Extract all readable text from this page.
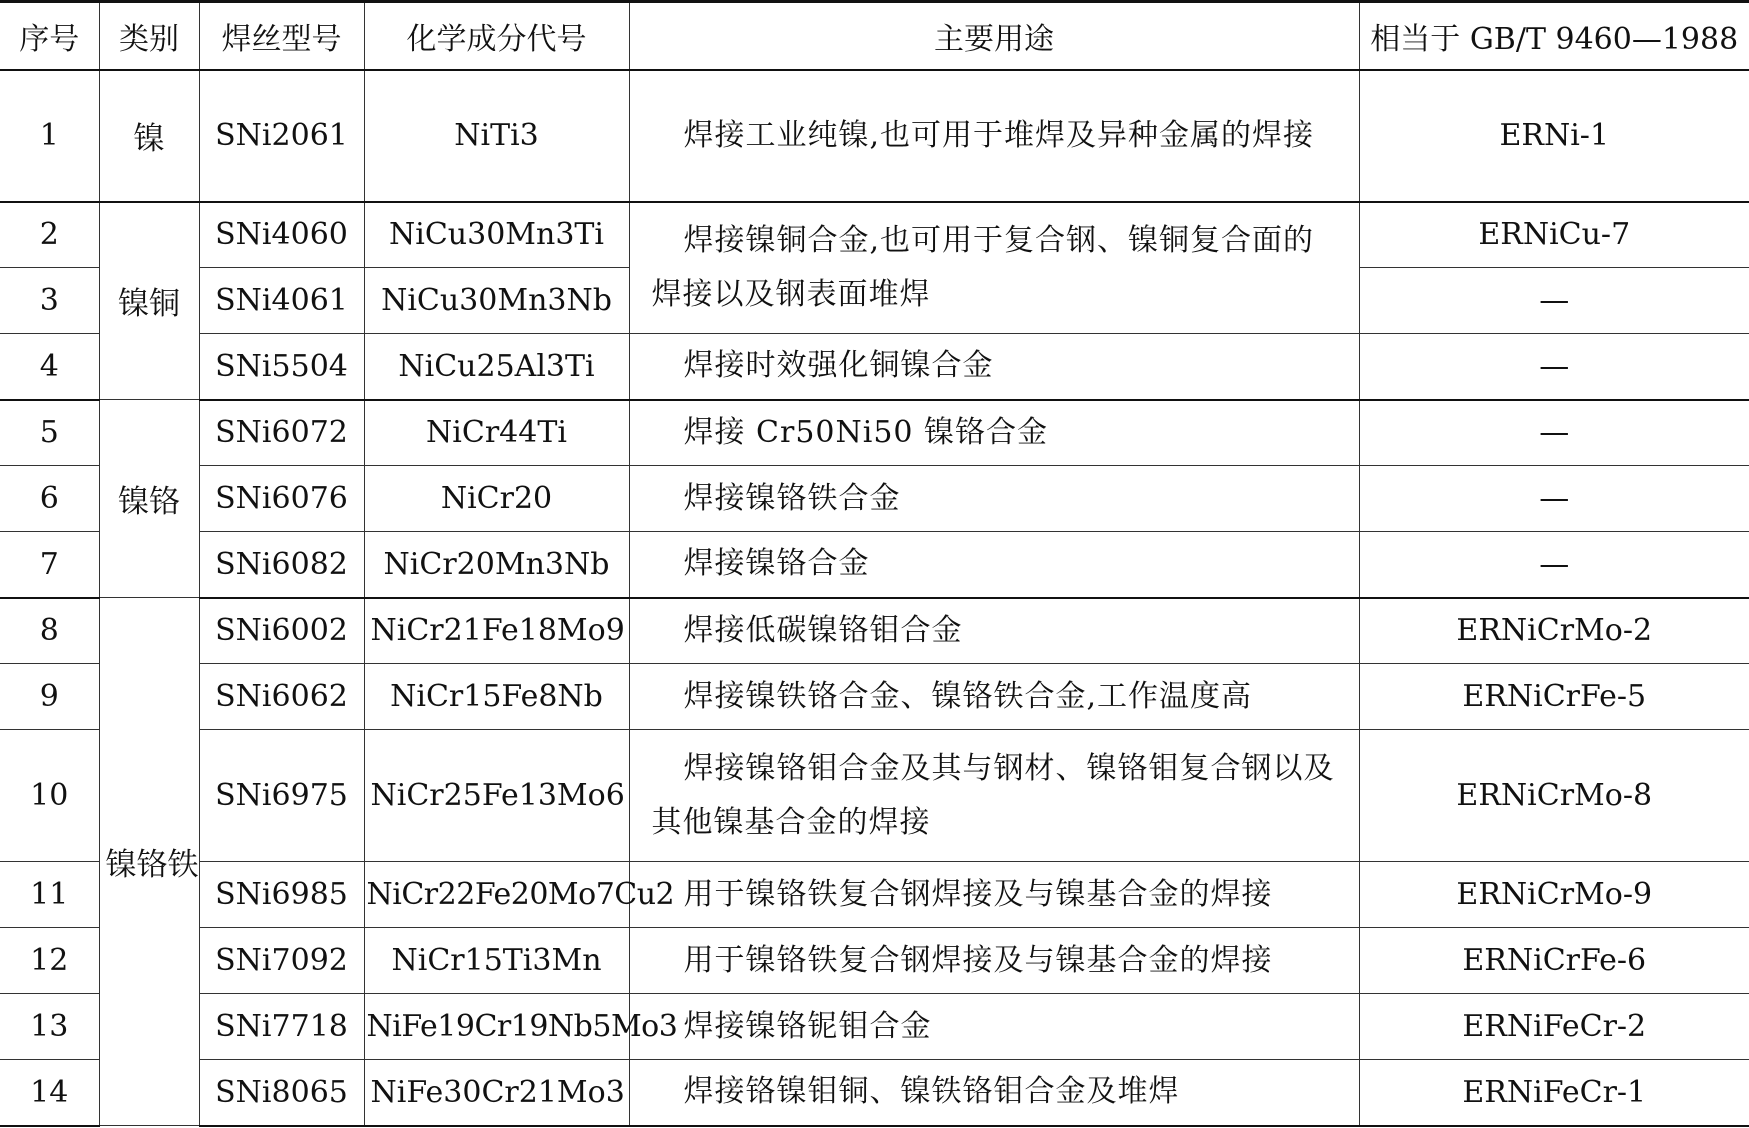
序号	类别	焊丝型号	化学成分代号	主要用途	相当于 GB/T 9460—1988
1	镍	SNi2061	NiTi3	焊接工业纯镍,也可用于堆焊及异种金属的焊接	ERNi-1
2	镍铜	SNi4060	NiCu30Mn3Ti	焊接镍铜合金,也可用于复合钢、镍铜复合面的焊接以及钢表面堆焊	ERNiCu-7
3		SNi4061	NiCu30Mn3Nb		—
4		SNi5504	NiCu25Al3Ti	焊接时效强化铜镍合金	—
5	镍铬	SNi6072	NiCr44Ti	焊接 Cr50Ni50 镍铬合金	—
6		SNi6076	NiCr20	焊接镍铬铁合金	—
7		SNi6082	NiCr20Mn3Nb	焊接镍铬合金	—
8	镍铬铁	SNi6002	NiCr21Fe18Mo9	焊接低碳镍铬钼合金	ERNiCrMo-2
9		SNi6062	NiCr15Fe8Nb	焊接镍铁铬合金、镍铬铁合金,工作温度高	ERNiCrFe-5
10		SNi6975	NiCr25Fe13Mo6	焊接镍铬钼合金及其与钢材、镍铬钼复合钢以及其他镍基合金的焊接	ERNiCrMo-8
11		SNi6985	NiCr22Fe20Mo7Cu2	用于镍铬铁复合钢焊接及与镍基合金的焊接	ERNiCrMo-9
12		SNi7092	NiCr15Ti3Mn	用于镍铬铁复合钢焊接及与镍基合金的焊接	ERNiCrFe-6
13		SNi7718	NiFe19Cr19Nb5Mo3	焊接镍铬铌钼合金	ERNiFeCr-2
14		SNi8065	NiFe30Cr21Mo3	焊接铬镍钼铜、镍铁铬钼合金及堆焊	ERNiFeCr-1
